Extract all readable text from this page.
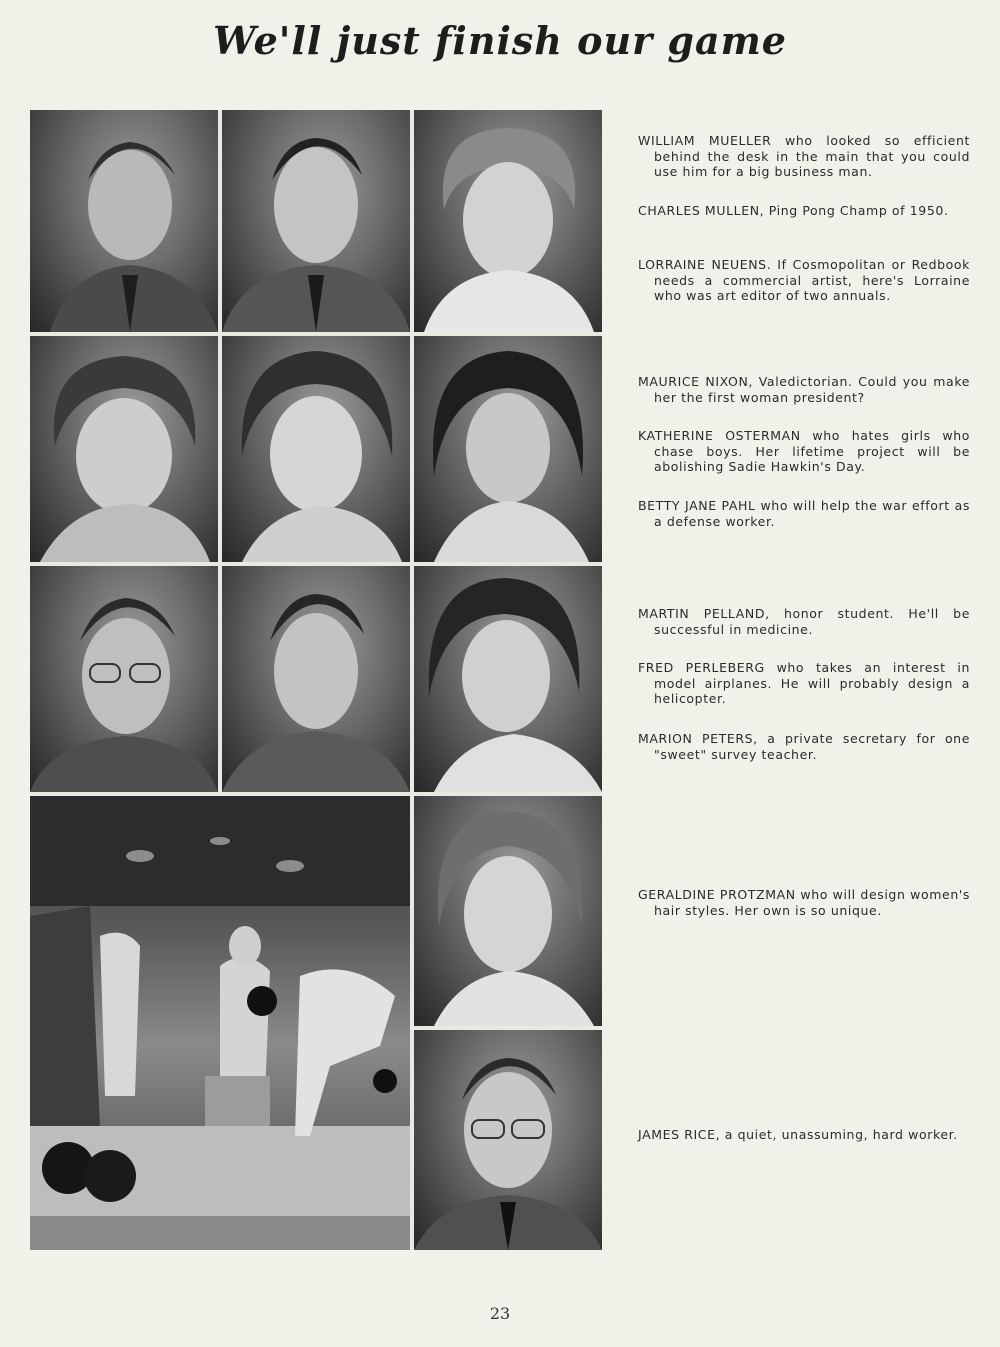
We'll just finish our game
WILLIAM MUELLER who looked so efficient behind the desk in the main that you could use him for a big business man.
CHARLES MULLEN, Ping Pong Champ of 1950.
LORRAINE NEUENS. If Cosmopolitan or Redbook needs a commercial artist, here's Lorraine who was art editor of two annuals.
MAURICE NIXON, Valedictorian. Could you make her the first woman president?
KATHERINE OSTERMAN who hates girls who chase boys. Her lifetime project will be abolishing Sadie Hawkin's Day.
BETTY JANE PAHL who will help the war effort as a defense worker.
MARTIN PELLAND, honor student. He'll be successful in medicine.
FRED PERLEBERG who takes an interest in model airplanes. He will probably design a helicopter.
MARION PETERS, a private secretary for one "sweet" survey teacher.
GERALDINE PROTZMAN who will design women's hair styles. Her own is so unique.
JAMES RICE, a quiet, unassuming, hard worker.
23
